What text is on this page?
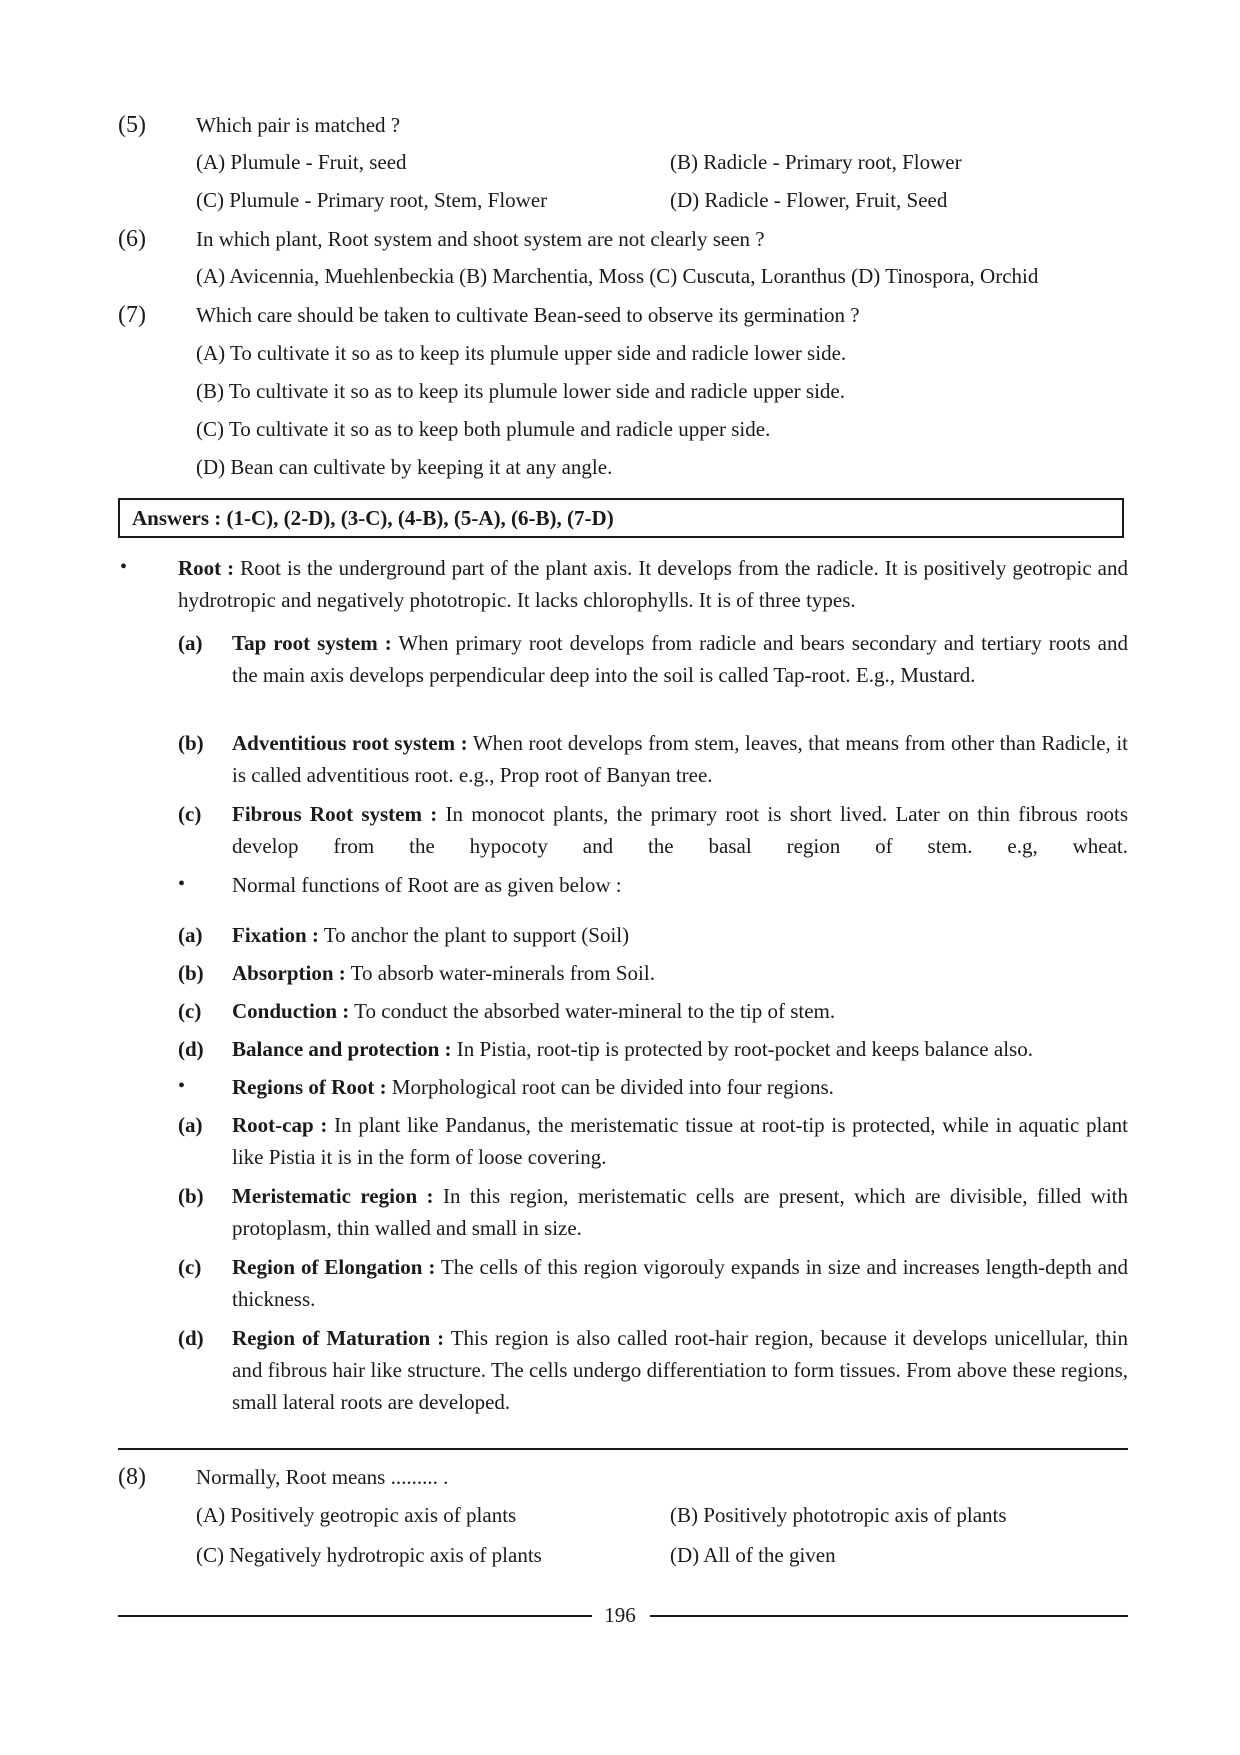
(5) Which pair is matched ?
(A) Plumule - Fruit, seed	(B) Radicle - Primary root, Flower
(C) Plumule - Primary root, Stem, Flower	(D) Radicle - Flower, Fruit, Seed
(6) In which plant, Root system and shoot system are not clearly seen ?
(A) Avicennia, Muehlenbeckia (B) Marchentia, Moss (C) Cuscuta, Loranthus (D) Tinospora, Orchid
(7) Which care should be taken to cultivate Bean-seed to observe its germination ?
(A) To cultivate it so as to keep its plumule upper side and radicle lower side.
(B) To cultivate it so as to keep its plumule lower side and radicle upper side.
(C) To cultivate it so as to keep both plumule and radicle upper side.
(D) Bean can cultivate by keeping it at any angle.
Answers : (1-C), (2-D), (3-C), (4-B), (5-A), (6-B), (7-D)
• Root : Root is the underground part of the plant axis. It develops from the radicle. It is positively geotropic and hydrotropic and negatively phototropic. It lacks chlorophylls. It is of three types.
(a) Tap root system : When primary root develops from radicle and bears secondary and tertiary roots and the main axis develops perpendicular deep into the soil is called Tap-root. E.g., Mustard.
(b) Adventitious root system : When root develops from stem, leaves, that means from other than Radicle, it is called adventitious root. e.g., Prop root of Banyan tree.
(c) Fibrous Root system : In monocot plants, the primary root is short lived. Later on thin fibrous roots develop from the hypocoty and the basal region of stem. e.g, wheat.
• Normal functions of Root are as given below :
(a) Fixation : To anchor the plant to support (Soil)
(b) Absorption : To absorb water-minerals from Soil.
(c) Conduction : To conduct the absorbed water-mineral to the tip of stem.
(d) Balance and protection : In Pistia, root-tip is protected by root-pocket and keeps balance also.
• Regions of Root : Morphological root can be divided into four regions.
(a) Root-cap : In plant like Pandanus, the meristematic tissue at root-tip is protected, while in aquatic plant like Pistia it is in the form of loose covering.
(b) Meristematic region : In this region, meristematic cells are present, which are divisible, filled with protoplasm, thin walled and small in size.
(c) Region of Elongation : The cells of this region vigorouly expands in size and increases length-depth and thickness.
(d) Region of Maturation : This region is also called root-hair region, because it develops unicellular, thin and fibrous hair like structure. The cells undergo differentiation to form tissues. From above these regions, small lateral roots are developed.
(8) Normally, Root means ......... .
(A) Positively geotropic axis of plants	(B) Positively phototropic axis of plants
(C) Negatively hydrotropic axis of plants	(D) All of the given
196
